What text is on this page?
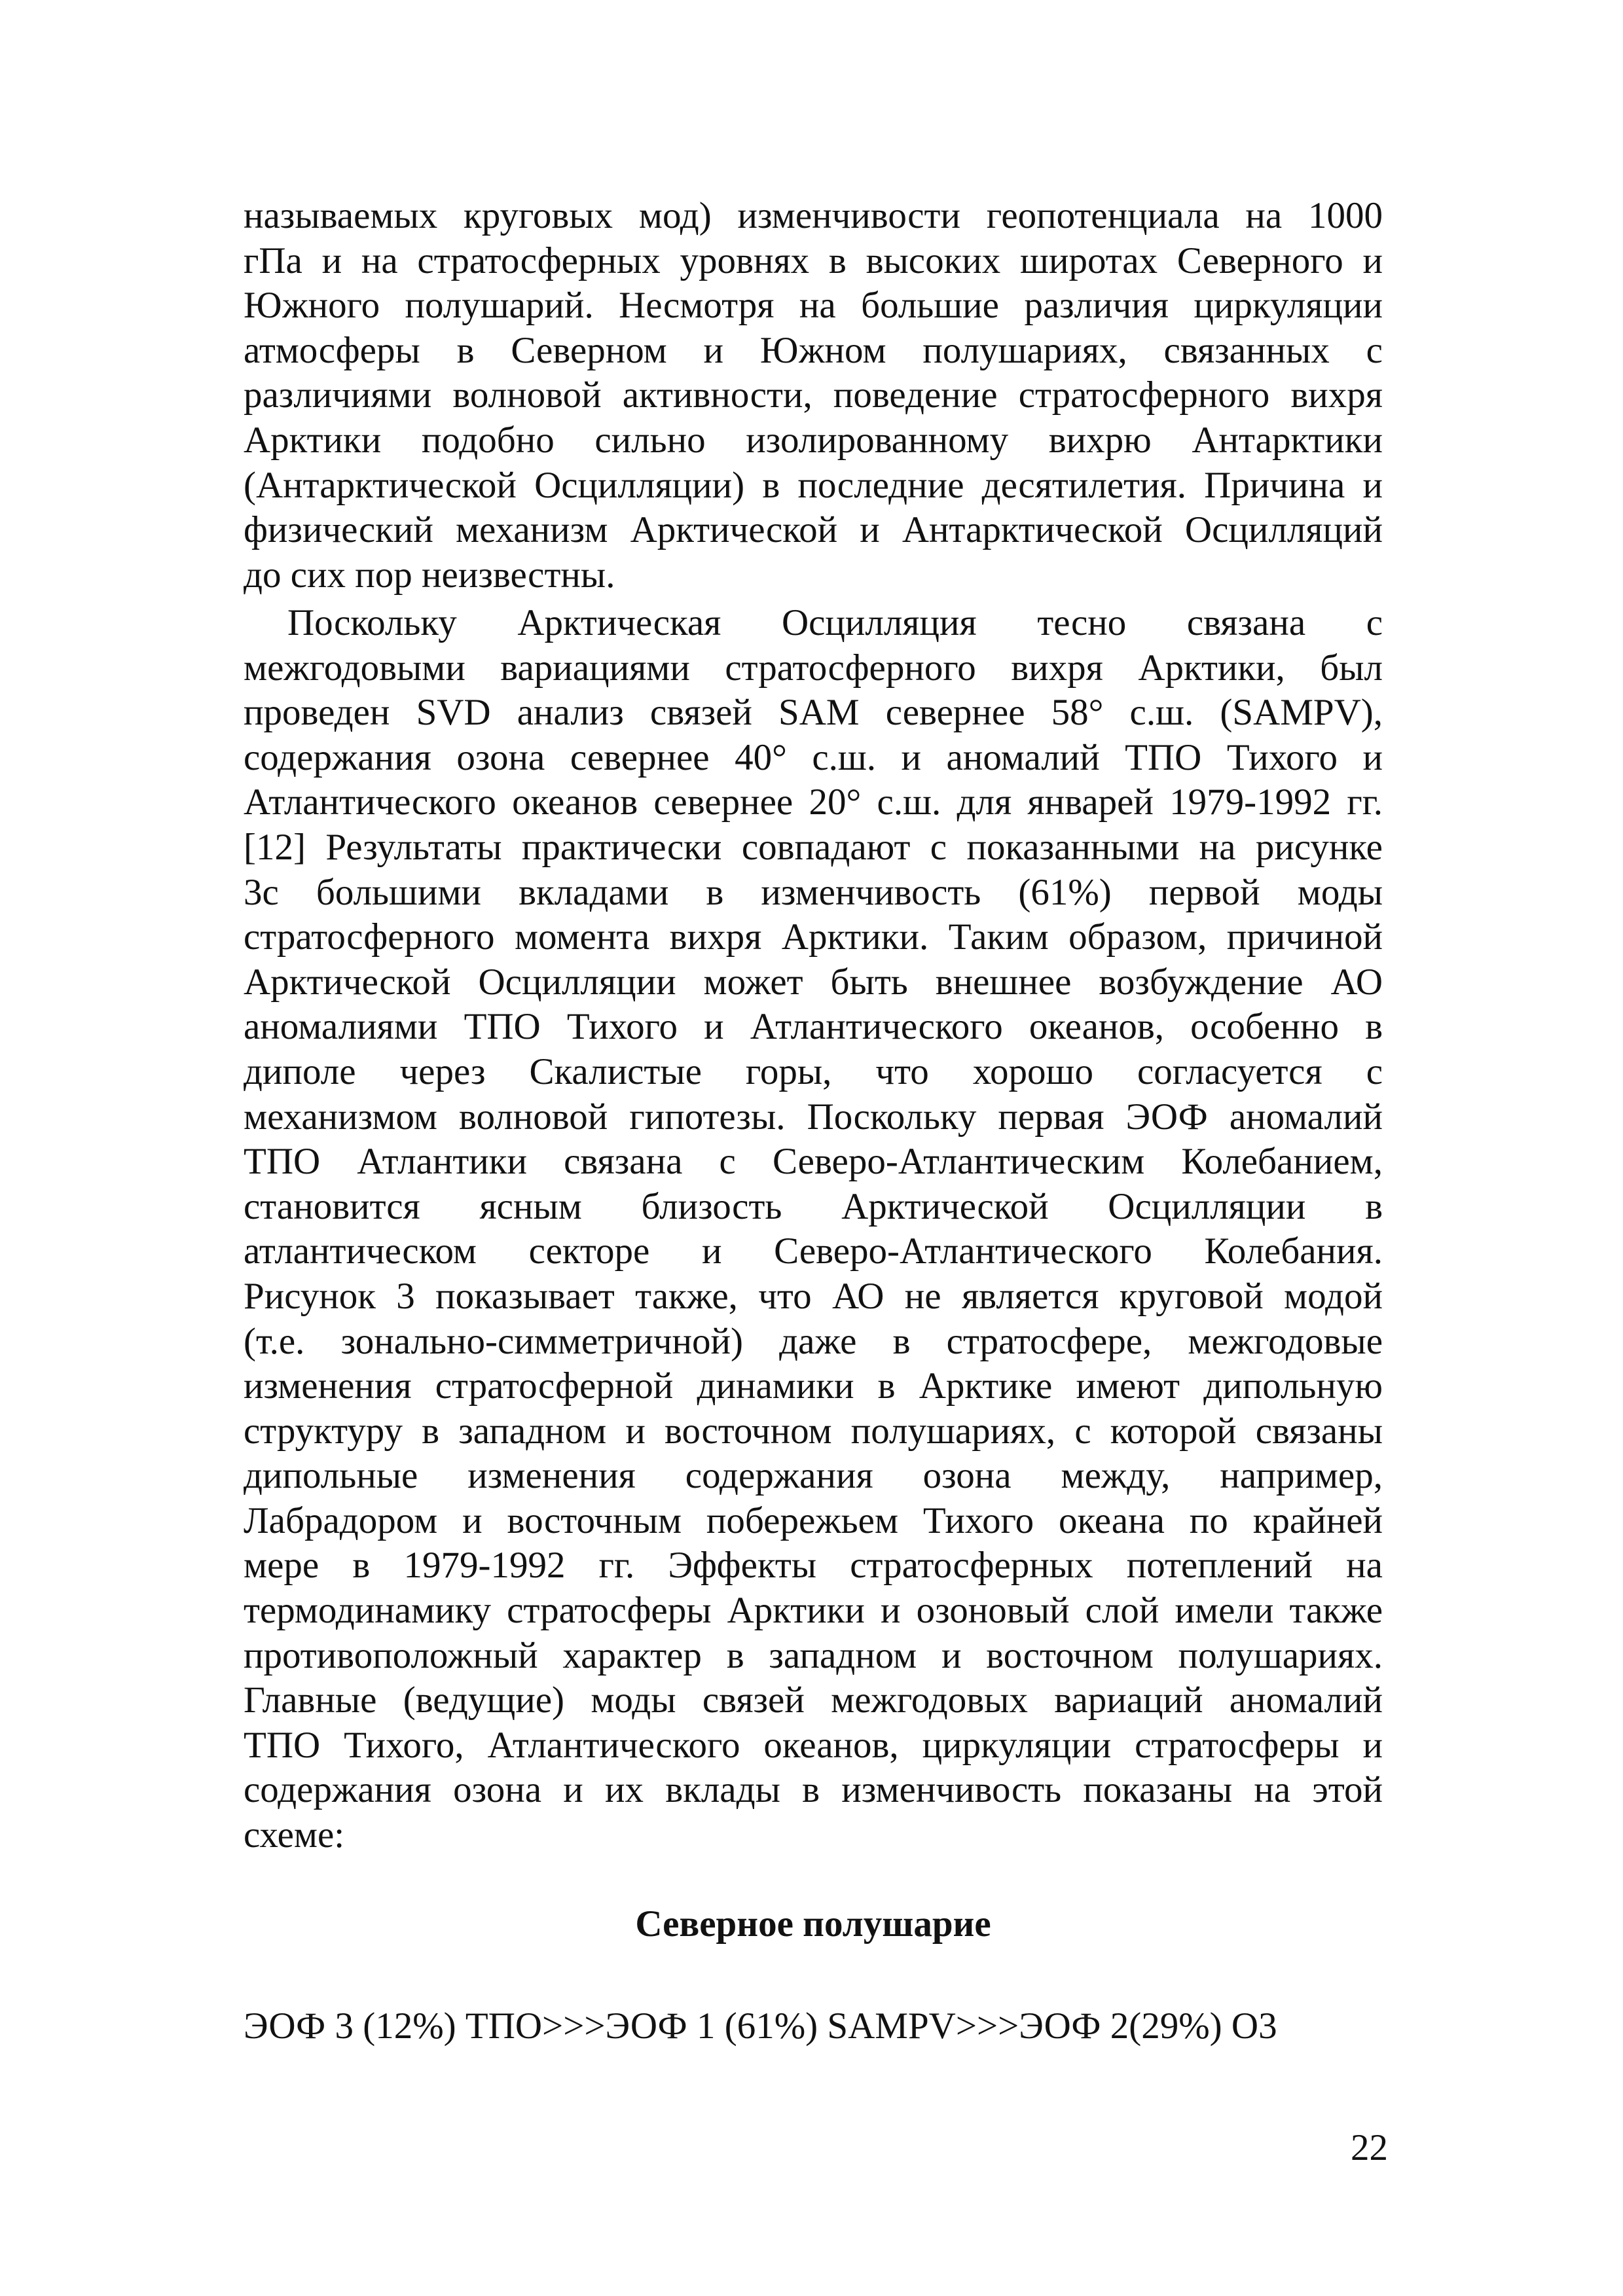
называемых круговых мод) изменчивости геопотенциала на 1000
гПа и на стратосферных уровнях в высоких широтах Северного и
Южного полушарий. Несмотря на большие различия циркуляции
атмосферы в Северном и Южном полушариях, связанных с
различиями волновой активности, поведение стратосферного вихря
Арктики подобно сильно изолированному вихрю Антарктики
(Антарктической Осцилляции) в последние десятилетия. Причина и
физический механизм Арктической и Антарктической Осцилляций
до сих пор неизвестны.
Поскольку Арктическая Осцилляция тесно связана с
межгодовыми вариациями стратосферного вихря Арктики, был
проведен SVD анализ связей SAM севернее 58° с.ш. (SAMPV),
содержания озона севернее 40° с.ш. и аномалий ТПО Тихого и
Атлантического океанов севернее 20° с.ш. для январей 1979-1992 гг.
[12] Результаты практически совпадают с показанными на рисунке
3с большими вкладами в изменчивость (61%) первой моды
стратосферного момента вихря Арктики. Таким образом, причиной
Арктической Осцилляции может быть внешнее возбуждение АО
аномалиями ТПО Тихого и Атлантического океанов, особенно в
диполе через Скалистые горы, что хорошо согласуется с
механизмом волновой гипотезы. Поскольку первая ЭОФ аномалий
ТПО Атлантики связана с Северо-Атлантическим Колебанием,
становится ясным близость Арктической Осцилляции в
атлантическом секторе и Северо-Атлантического Колебания.
Рисунок 3 показывает также, что АО не является круговой модой
(т.е. зонально-симметричной) даже в стратосфере, межгодовые
изменения стратосферной динамики в Арктике имеют дипольную
структуру в западном и восточном полушариях, с которой связаны
дипольные изменения содержания озона между, например,
Лабрадором и восточным побережьем Тихого океана по крайней
мере в 1979-1992 гг. Эффекты стратосферных потеплений на
термодинамику стратосферы Арктики и озоновый слой имели также
противоположный характер в западном и восточном полушариях.
Главные (ведущие) моды связей межгодовых вариаций аномалий
ТПО Тихого, Атлантического океанов, циркуляции стратосферы и
содержания озона и их вклады в изменчивость показаны на этой
схеме:
Северное полушарие
ЭОФ 3 (12%) ТПО>>>ЭОФ 1 (61%) SAMPV>>>ЭОФ 2(29%) O3
22
